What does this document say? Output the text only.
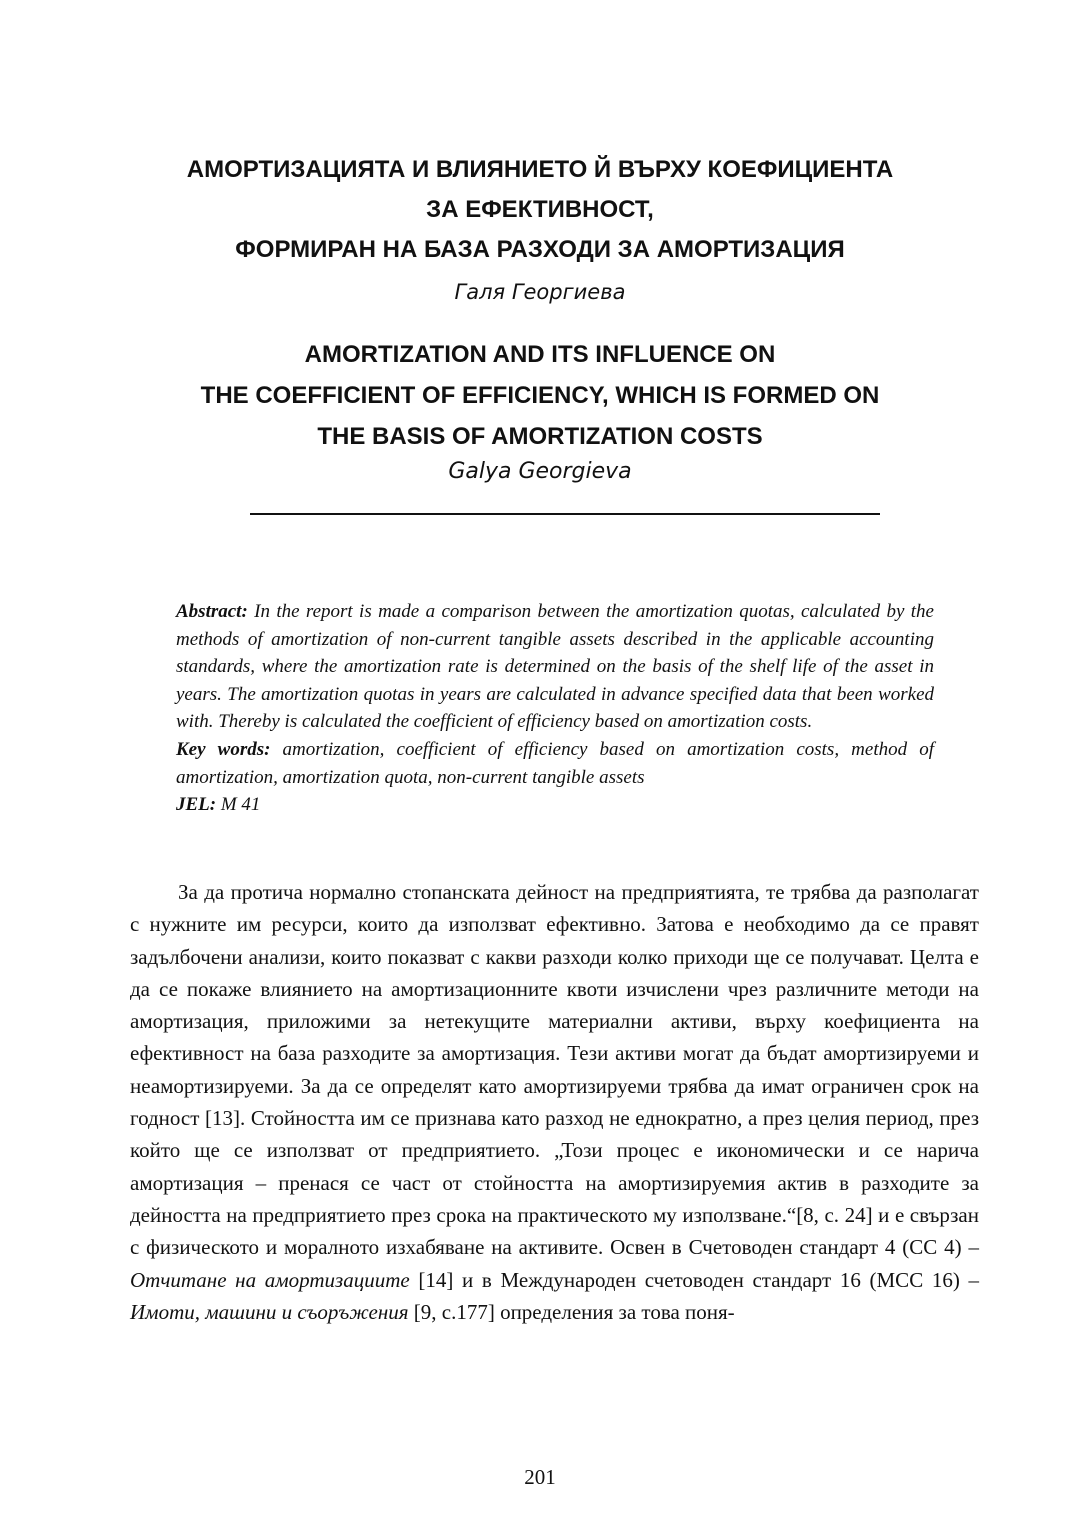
АМОРТИЗАЦИЯТА И ВЛИЯНИЕТО Й ВЪРХУ КОЕФИЦИЕНТА
ЗА ЕФЕКТИВНОСТ,
ФОРМИРАН НА БАЗА РАЗХОДИ ЗА АМОРТИЗАЦИЯ
Галя Георгиева
AMORTIZATION AND ITS INFLUENCE ON
THE COEFFICIENT OF EFFICIENCY, WHICH IS FORMED ON
THE BASIS OF AMORTIZATION COSTS
Galya Georgieva

Abstract: In the report is made a comparison between the amortization quotas, calculated by the methods of amortization of non-current tangible assets described in the applicable accounting standards, where the amortization rate is determined on the basis of the shelf life of the asset in years. The amortization quotas in years are calculated in advance specified data that been worked with. Thereby is calculated the coefficient of efficiency based on amortization costs.

Key words: amortization, coefficient of efficiency based on amortization costs, method of amortization, amortization quota, non-current tangible assets

JEL: M 41

За да протича нормално стопанската дейност на предприятията, те трябва да разполагат с нужните им ресурси, които да използват ефективно. Затова е необходимо да се правят задълбочени анализи, които показват с какви разходи колко приходи ще се получават. Целта е да се покаже влиянието на амортизационните квоти изчислени чрез различните методи на амортизация, приложими за нетекущите материални активи, върху коефициента на ефективност на база разходите за амортизация. Тези активи могат да бъдат амортизируеми и неамортизируеми. За да се определят като амортизируеми трябва да имат ограничен срок на годност [13]. Стойността им се признава като разход не еднократно, а през целия период, през който ще се използват от предприятието. „Този процес е икономически и се нарича амортизация – пренася се част от стойността на амортизируемия актив в разходите за дейността на предприятието през срока на практическото му използване.“[8, с. 24] и е свързан с физическото и моралното изхабяване на активите. Освен в Счетоводен стандарт 4 (СС 4) – Отчитане на амортизациите [14] и в Международен счетоводен стандарт 16 (МСС 16) – Имоти, машини и съоръжения [9, с.177] определения за това поня-

201
